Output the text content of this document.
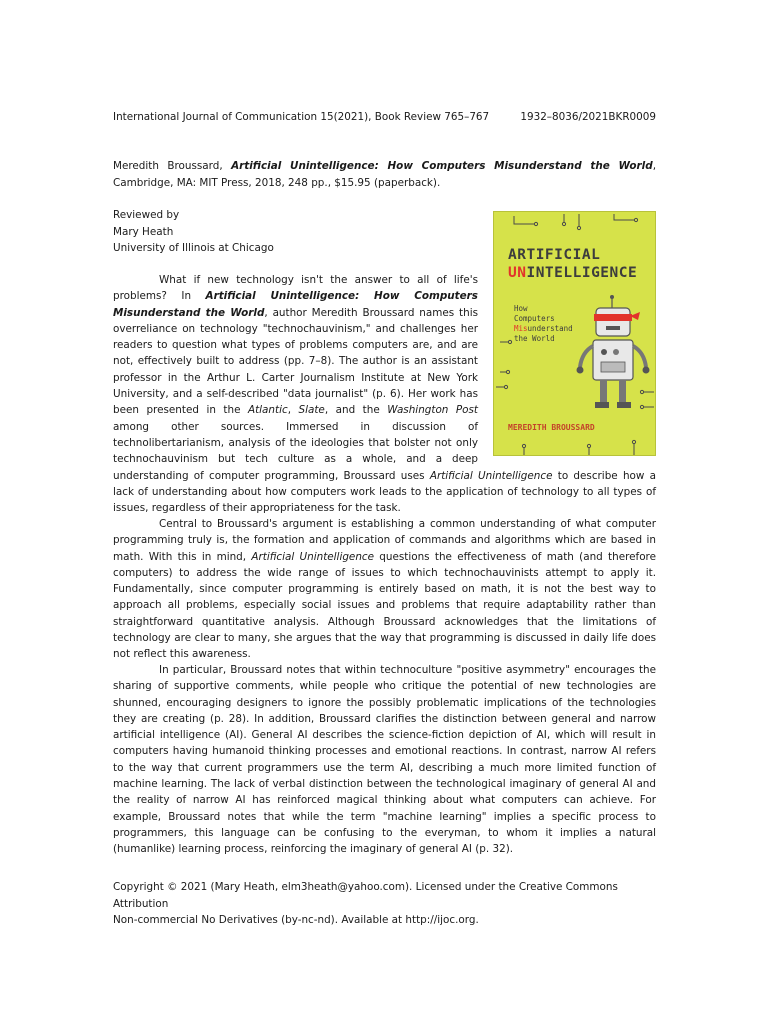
International Journal of Communication 15(2021), Book Review 765–767	1932–8036/2021BKR0009
Meredith Broussard, Artificial Unintelligence: How Computers Misunderstand the World, Cambridge, MA: MIT Press, 2018, 248 pp., $15.95 (paperback).
Reviewed by
Mary Heath
University of Illinois at Chicago	ARTIFICIAL
UNINTELLIGENCE
How
Computers
Misunderstand
the World
MEREDITH BROUSSARD

What if new technology isn't the answer to all of life's problems? In Artificial Unintelligence: How Computers Misunderstand the World, author Meredith Broussard names this overreliance on technology "technochauvinism," and challenges her readers to question what types of problems computers are, and are not, effectively built to address (pp. 7–8). The author is an assistant professor in the Arthur L. Carter Journalism Institute at New York University, and a self-described "data journalist" (p. 6). Her work has been presented in the Atlantic, Slate, and the Washington Post among other sources. Immersed in discussion of technolibertarianism, analysis of the ideologies that bolster not only technochauvinism but tech culture as a whole, and a deep understanding of computer programming, Broussard uses Artificial Unintelligence to describe how a lack of understanding about how computers work leads to the application of technology to all types of issues, regardless of their appropriateness for the task.

Central to Broussard's argument is establishing a common understanding of what computer programming truly is, the formation and application of commands and algorithms which are based in math. With this in mind, Artificial Unintelligence questions the effectiveness of math (and therefore computers) to address the wide range of issues to which technochauvinists attempt to apply it. Fundamentally, since computer programming is entirely based on math, it is not the best way to approach all problems, especially social issues and problems that require adaptability rather than straightforward quantitative analysis. Although Broussard acknowledges that the limitations of technology are clear to many, she argues that the way that programming is discussed in daily life does not reflect this awareness.
In particular, Broussard notes that within technoculture "positive asymmetry" encourages the sharing of supportive comments, while people who critique the potential of new technologies are shunned, encouraging designers to ignore the possibly problematic implications of the technologies they are creating (p. 28). In addition, Broussard clarifies the distinction between general and narrow artificial intelligence (AI). General AI describes the science-fiction depiction of AI, which will result in computers having humanoid thinking processes and emotional reactions. In contrast, narrow AI refers to the way that current programmers use the term AI, describing a much more limited function of machine learning. The lack of verbal distinction between the technological imaginary of general AI and the reality of narrow AI has reinforced magical thinking about what computers can achieve. For example, Broussard notes that while the term "machine learning" implies a specific process to programmers, this language can be confusing to the everyman, to whom it implies a natural (humanlike) learning process, reinforcing the imaginary of general AI (p. 32).
Copyright © 2021 (Mary Heath, elm3heath@yahoo.com). Licensed under the Creative Commons Attribution
Non-commercial No Derivatives (by-nc-nd). Available at http://ijoc.org.
